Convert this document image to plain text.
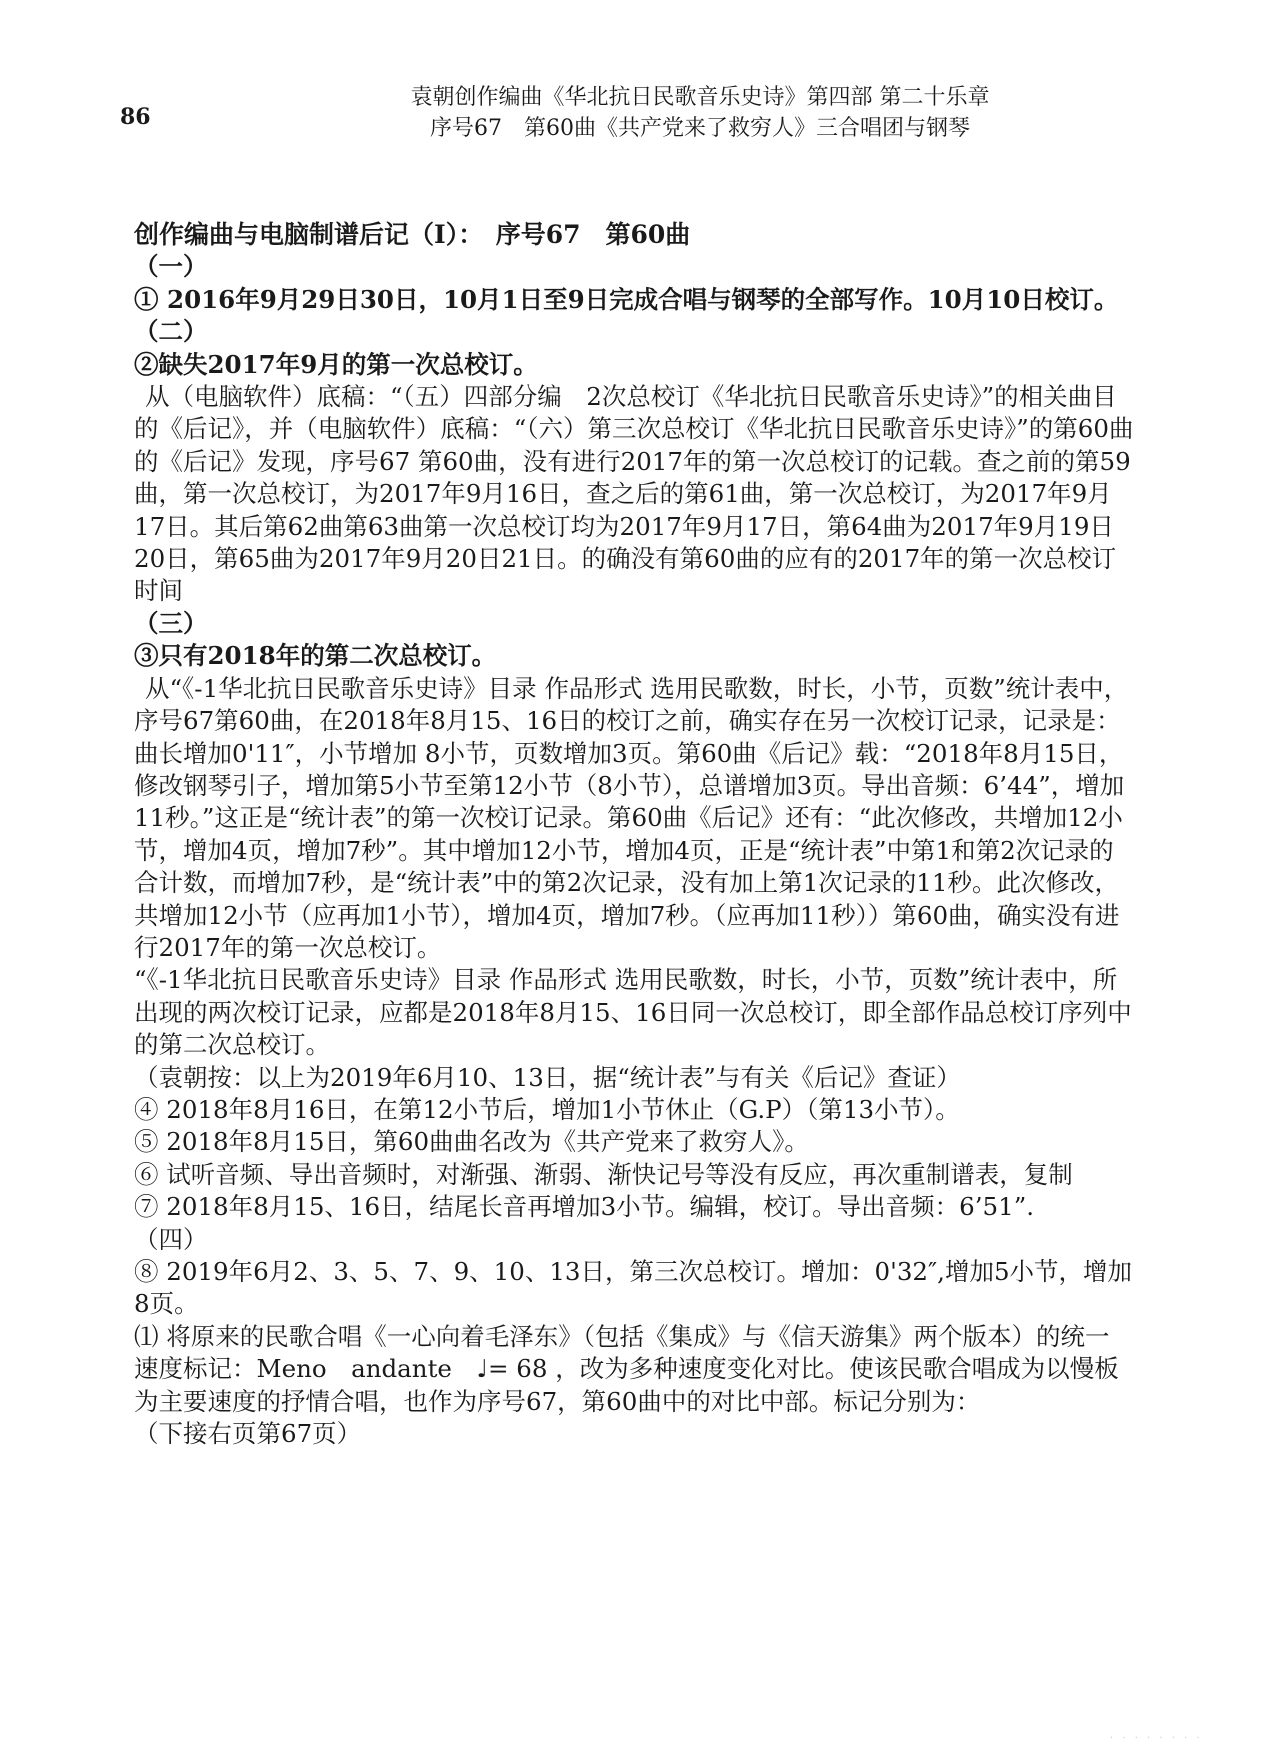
86
袁朝创作编曲《华北抗日民歌音乐史诗》第四部 第二十乐章
序号67　第60曲《共产党来了救穷人》三合唱团与钢琴

创作编曲与电脑制谱后记（Ⅰ）：　序号67　第60曲

（一）

① 2016年9月29日30日，10月1日至9日完成合唱与钢琴的全部写作。10月10日校订。

（二）

②缺失2017年9月的第一次总校订。

从（电脑软件）底稿：“（五）四部分编　2次总校订《华北抗日民歌音乐史诗》”的相关曲目的《后记》，并（电脑软件）底稿：“（六）第三次总校订《华北抗日民歌音乐史诗》”的第60曲的《后记》发现，序号67 第60曲，没有进行2017年的第一次总校订的记载。查之前的第59曲，第一次总校订，为2017年9月16日，查之后的第61曲，第一次总校订，为2017年9月17日。其后第62曲第63曲第一次总校订均为2017年9月17日，第64曲为2017年9月19日20日，第65曲为2017年9月20日21日。的确没有第60曲的应有的2017年的第一次总校订时间

（三）

③只有2018年的第二次总校订。

从“《-1华北抗日民歌音乐史诗》目录 作品形式 选用民歌数，时长，小节，页数”统计表中，序号67第60曲，在2018年8月15、16日的校订之前，确实存在另一次校订记录，记录是：曲长增加0'11″，小节增加 8小节，页数增加3页。第60曲《后记》载：“2018年8月15日，修改钢琴引子，增加第5小节至第12小节（8小节），总谱增加3页。导出音频：6’44”，增加11秒。”这正是“统计表”的第一次校订记录。第60曲《后记》还有：“此次修改，共增加12小节，增加4页，增加7秒”。其中增加12小节，增加4页，正是“统计表”中第1和第2次记录的合计数，而增加7秒，是“统计表”中的第2次记录，没有加上第1次记录的11秒。此次修改，共增加12小节（应再加1小节），增加4页，增加7秒。（应再加11秒））第60曲，确实没有进行2017年的第一次总校订。

“《-1华北抗日民歌音乐史诗》目录 作品形式 选用民歌数，时长，小节，页数”统计表中，所出现的两次校订记录，应都是2018年8月15、16日同一次总校订，即全部作品总校订序列中的第二次总校订。

（袁朝按：以上为2019年6月10、13日，据“统计表”与有关《后记》查证）

④ 2018年8月16日，在第12小节后，增加1小节休止（G.P）（第13小节）。

⑤ 2018年8月15日，第60曲曲名改为《共产党来了救穷人》。

⑥ 试听音频、导出音频时，对渐强、渐弱、渐快记号等没有反应，再次重制谱表，复制

⑦ 2018年8月15、16日，结尾长音再增加3小节。编辑，校订。导出音频：6’51”.

（四）

⑧ 2019年6月2、3、5、7、9、10、13日，第三次总校订。增加：0'32″,增加5小节，增加8页。

⑴ 将原来的民歌合唱《一心向着毛泽东》（包括《集成》与《信天游集》两个版本）的统一速度标记：Meno　andante　♩= 68 ，改为多种速度变化对比。使该民歌合唱成为以慢板为主要速度的抒情合唱，也作为序号67，第60曲中的对比中部。标记分别为：

（下接右页第67页）

· · · · · · · ·
